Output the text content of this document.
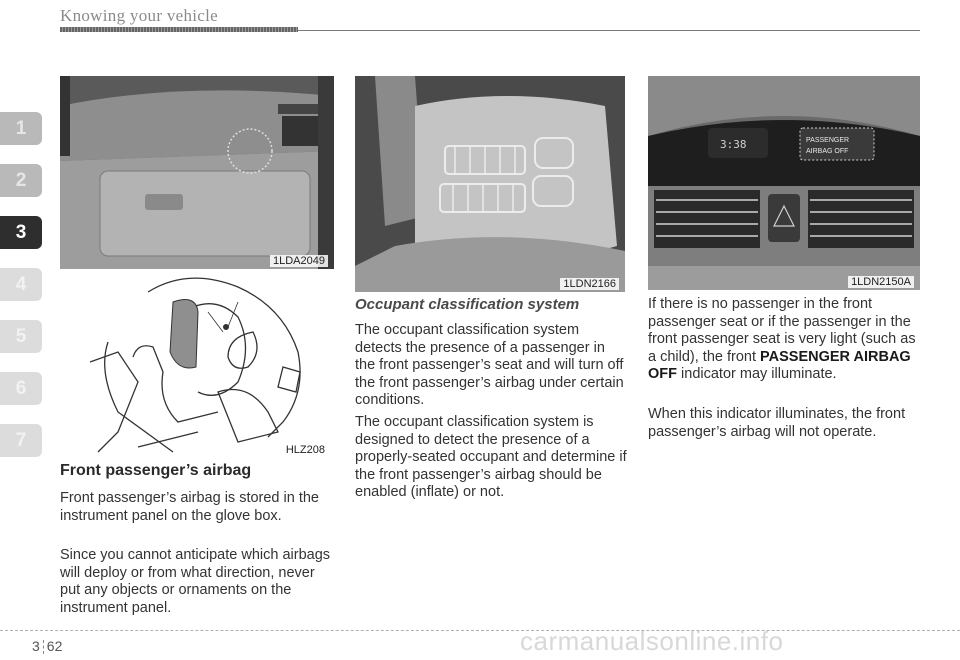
Knowing your vehicle
1
2
3
4
5
6
7
1LDA2049
HLZ208
Front passenger’s airbag
Front passenger’s airbag is stored in the instrument panel on the glove box.
Since you cannot anticipate which airbags will deploy or from what direction, never put any objects or ornaments on the instrument panel.
1LDN2166
Occupant classification system
The occupant classification system detects the presence of a passenger in the front passenger’s seat and will turn off the front passenger’s airbag under certain conditions.
The occupant classification system is designed to detect the presence of a properly-seated occupant and determine if the front passenger’s airbag should be enabled (inflate) or not.
3:38	PASSENGER
AIRBAG OFF
1LDN2150A
If there is no passenger in the front passenger seat or if the passenger in the front passenger seat is very light (such as a child), the front PASSENGER AIRBAG OFF indicator may illuminate.
When this indicator illuminates, the front passenger’s airbag will not operate.
3 62	carmanualsonline.info
